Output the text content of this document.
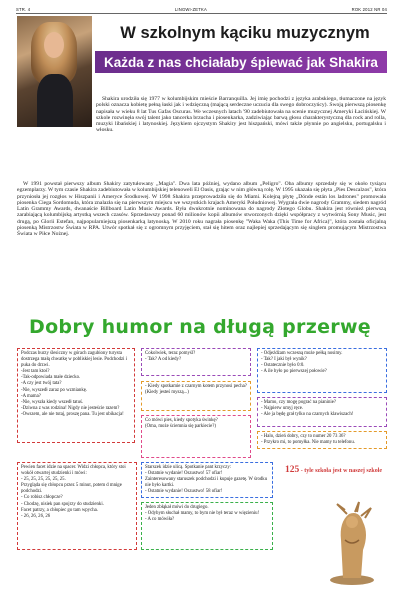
STR. 4	LINGWI-ZETKA	ROK 2012 NR 04
W szkolnym kąciku muzycznym
Każda z nas chciałaby śpiewać jak Shakira
Shakira urodziła się 1977 w kolumbijskim mieście Barranquilla. Jej imię pochodzi z języka arabskiego, tłumaczone na język polski oznacza kobietę pełną łaski jak i wdzięczną (mającą serdeczne uczucia dla swego dobroczyńcy). Swoją pierwszą piosenkę napisała w wieku 8 lat Tus Gafas Oscuras. We wczesnych latach '90 zadebiutowała na scenie muzycznej Ameryki Łacińskiej. W szkole rozwinęła swój talent jako tancerka brzucha i piosenkarka, zadziwiając barwą głosu charakterystyczną dla rock and rolla, muzyki libańskiej i latynoskiej. Językiem ojczystym Shakiry jest hiszpański, mówi także płynnie po angielsku, portugalsku i włosku.
W 1991 powstał pierwszy album Shakiry zatytułowany „Magia". Dwa lata później, wydano album „Peligro". Oba albumy sprzedały się w około tysiącu egzemplarzy. W tym czasie Shakira zadebiutowała w kolumbijskiej telenoweli El Oasis, grając w nim główną rolę. W 1995 ukazała się płyta „Pies Descalzos", która przyniosła jej rozgłos w Hiszpanii i Ameryce Środkowej. W 1998 Shakira przeprowadziła się do Miami. Kolejną płytę „Dónde están los ladrones" promowała piosenka Ciega Sordomuda, która znalazła się na pierwszym miejscu we wszystkich krajach Ameryki Południowej. Wygrała dwie nagrody Grammy, siedem nagród Latin Grammy Awards, dwanaście Billboard Latin Music Awards. Była dwukrotnie nominowana do nagrody Złotego Globu. Shakira jest również pierwszą zarabiającą kolumbijską artystką wszech czasów. Sprzedawszy ponad 60 milionów kopii albumów stworzonych dzięki współpracy z wytwórnią Sony Music, jest drugą, po Glorii Estefan, najpopularniejszą piosenkarką latynoską. W 2010 roku nagrała piosenkę "Waka Waka (This Time for Africa)", która została oficjalną piosenką Mistrzostw Świata w RPA. Utwór spotkał się z ogromnym przyjęciem, stał się hitem oraz najlepiej sprzedającym się singlem promującym Mistrzostwa Świata w Piłce Nożnej.
Dobry humor na długą przerwę

Podczas burzy ślesiczny w górach zagubiony turysta dostrzega małą chwatkę w pobliskiej lesie. Podchodzi i puka do drzwi.

-Jest tam ktoś?

-Tak-odpowiada małe dziecko.

-A czy jest twój tata?

-Nie, wyszedł zaraz po wzmiankę.

-A mama?

-Nie, wyszła kiedy wszedł tatuś.

-Dziwna z was rodzina! Nigdy nie jesteście razem?

-Owszem, ale nie tutaj, proszę pana. Tu jest ubikacja!

Cokolwiek, teraz pomyśl?

- Tak? A od kiedy?

- Kiedy spotkamie z czarnym kotem przynosi pecha?

(Kiedy jesteś myszą...)

Co mówi pies, kiedy spotyka świnkę?

(Oma, może ściemnia się parkiecie?)

- Odjeżdżam wczesną może pełką nosimy.

- Tak? I jaki był wynik?

- Ostatecznie było 0:0.

- A ile było po pierwszej połowie?

- Mamo, czy mogę pograć na pianinie?

- Najpierw umyj ręce.

- Ale ja będę grał tylko na czarnych klawiszach!

- Halo, dzień dobry, czy to numer 20 73 36?

- Przykro mi, to pomyłka. Nie mamy tu telefonu.

Pewien facet idzie na spacer. Widzi chłopca, który stoi wokół otwartej studzienki i mówi:

- 25, 25, 25, 25, 25, 25.

Przygląda się chłopcu przez 5 minut, potem d mnige podchodzi.

- Co robisz chłopcze?

- Chodzę, nisiek pan spojrzy do studzienki.

Facet patrzy, a chłopiec go tam wpycha.

- 26, 26, 26, 26

Starszek idzie ulicą. Spotkanie pant krzyczy:

- Ostatnie wydanie! Oszustwo! 57 ofiar!

Zainteresowany staruszek podchodzi i kupuje gazetę. W środku nie było kartki.

- Ostatnie wydanie! Oszustwo! 58 ofiar!

Jeden zbłąkał mówi do drugiego.

- Odybym słuchał mamy, to bym nie był teraz w więzieniu!

- A co mówiła?

125 - tyle szkoła jest w naszej szkole
